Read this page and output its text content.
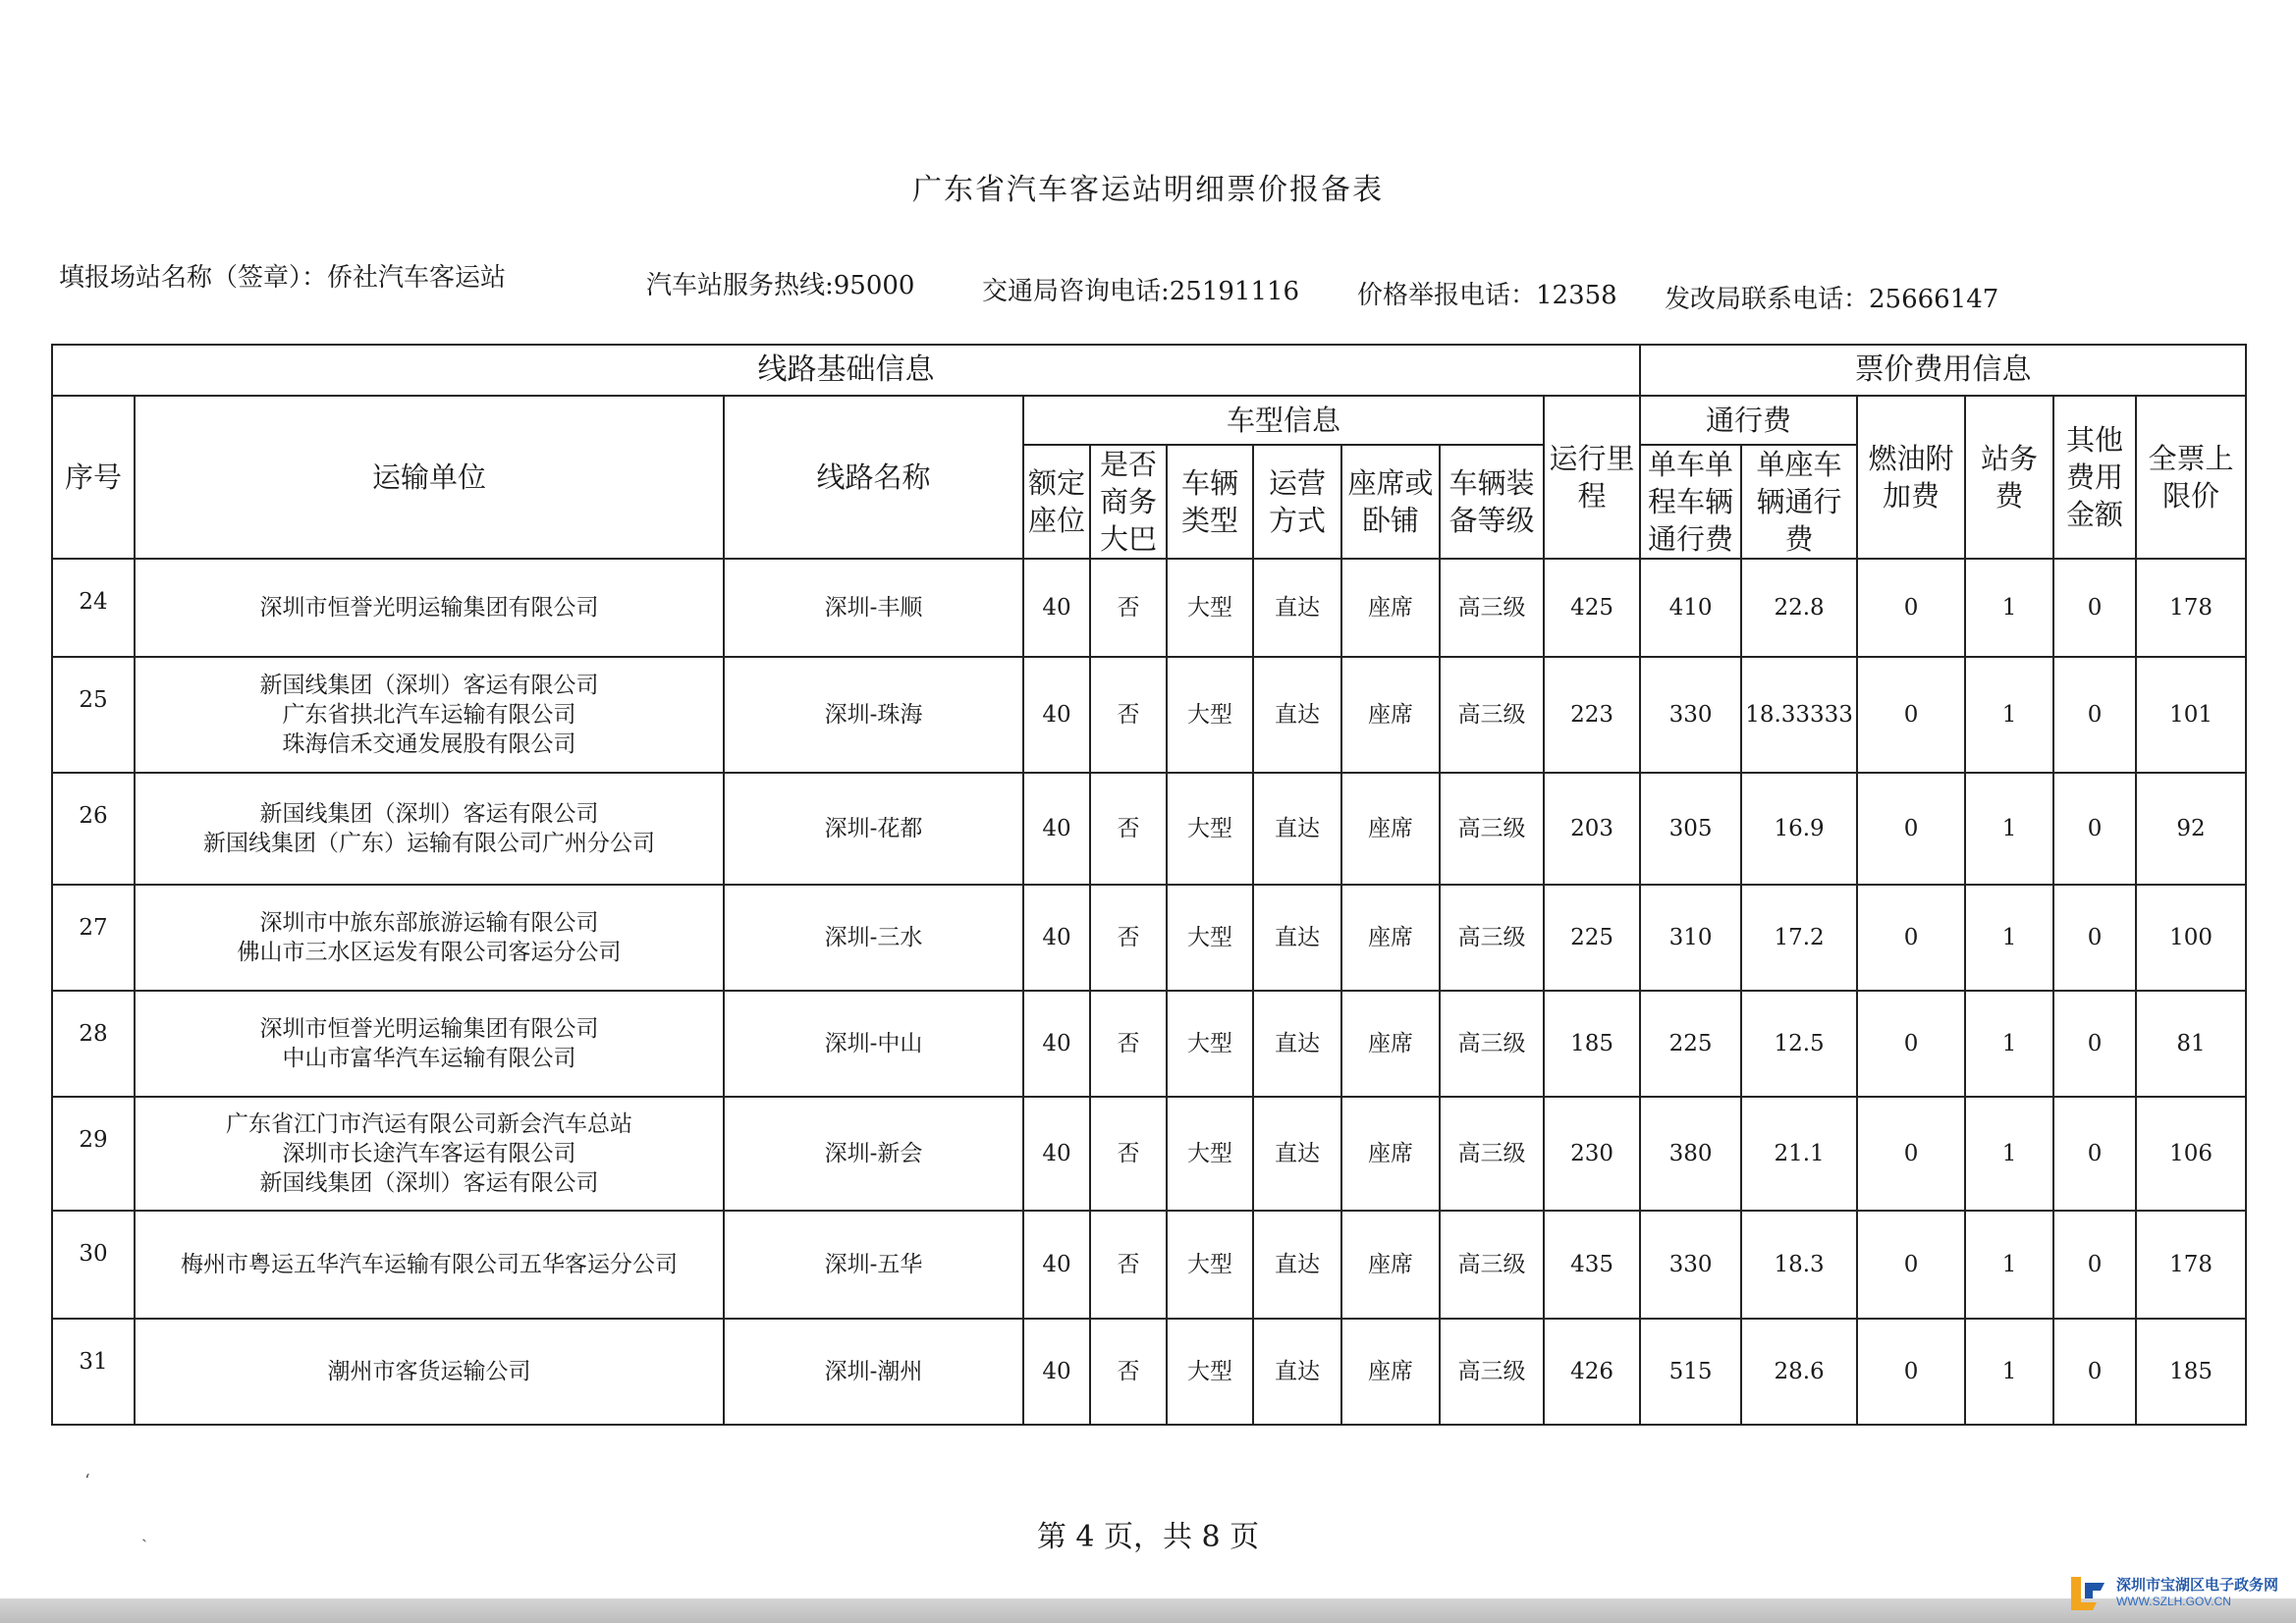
广东省汽车客运站明细票价报备表
填报场站名称（签章）：侨社汽车客运站	汽车站服务热线:95000	交通局咨询电话:25191116 价格举报电话：12358 发改局联系电话：25666147
线路基础信息										票价费用信息					
序号	运输单位	线路名称	车型信息						运行里程	通行费		燃油附加费	站务费	其他费用金额	全票上限价
			额定座位	是否商务大巴	车辆类型	运营方式	座席或卧铺	车辆装备等级		单车单程车辆通行费	单座车辆通行费				

24	深圳市恒誉光明运输集团有限公司	深圳-丰顺	40	否	大型	直达	座席	高三级	425	410	22.8	0	1	0	178
25	新国线集团（深圳）客运有限公司
广东省拱北汽车运输有限公司
珠海信禾交通发展股有限公司	深圳-珠海	40	否	大型	直达	座席	高三级	223	330	18.33333	0	1	0	101
26	新国线集团（深圳）客运有限公司
新国线集团（广东）运输有限公司广州分公司	深圳-花都	40	否	大型	直达	座席	高三级	203	305	16.9	0	1	0	92
27	深圳市中旅东部旅游运输有限公司
佛山市三水区运发有限公司客运分公司	深圳-三水	40	否	大型	直达	座席	高三级	225	310	17.2	0	1	0	100
28	深圳市恒誉光明运输集团有限公司
中山市富华汽车运输有限公司	深圳-中山	40	否	大型	直达	座席	高三级	185	225	12.5	0	1	0	81
29	广东省江门市汽运有限公司新会汽车总站
深圳市长途汽车客运有限公司
新国线集团（深圳）客运有限公司	深圳-新会	40	否	大型	直达	座席	高三级	230	380	21.1	0	1	0	106
30	梅州市粤运五华汽车运输有限公司五华客运分公司	深圳-五华	40	否	大型	直达	座席	高三级	435	330	18.3	0	1	0	178
31	潮州市客货运输公司	深圳-潮州	40	否	大型	直达	座席	高三级	426	515	28.6	0	1	0	185
ʻ
˴	第 4 页，共 8 页
深圳市宝湖区电子政务网
WWW.SZLH.GOV.CN
